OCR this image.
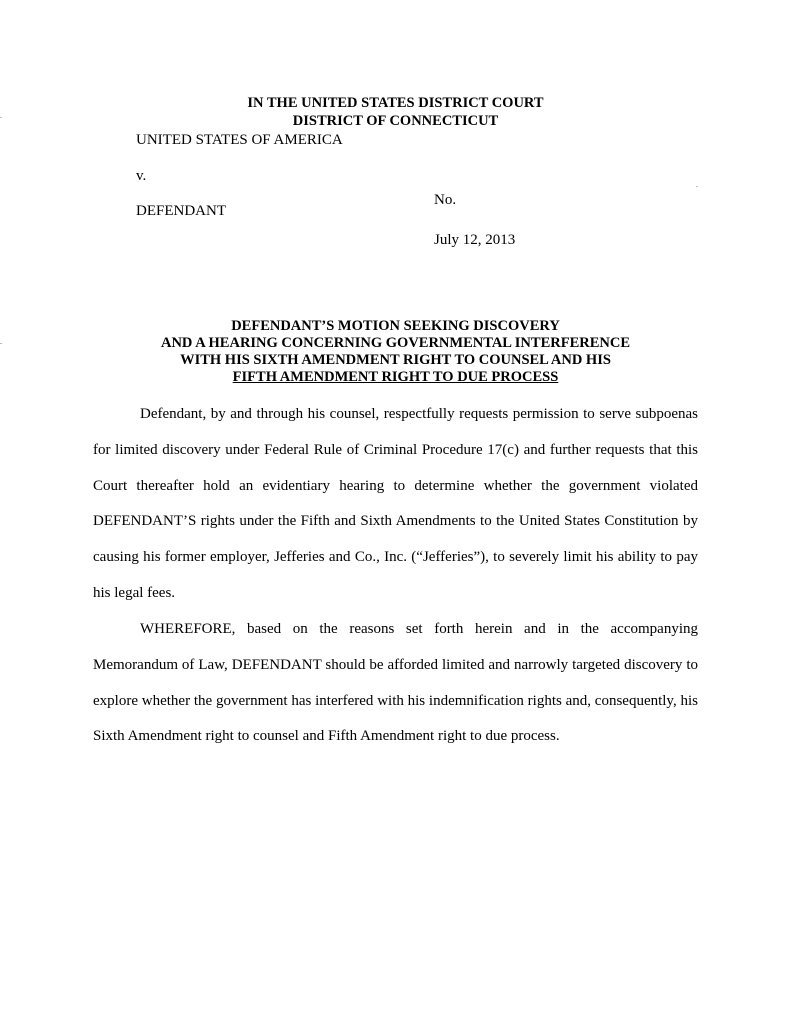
IN THE UNITED STATES DISTRICT COURT
DISTRICT OF CONNECTICUT
UNITED STATES OF AMERICA
v.
No.
DEFENDANT
July 12, 2013
DEFENDANT’S MOTION SEEKING DISCOVERY
AND A HEARING CONCERNING GOVERNMENTAL INTERFERENCE
WITH HIS SIXTH AMENDMENT RIGHT TO COUNSEL AND HIS
FIFTH AMENDMENT RIGHT TO DUE PROCESS

Defendant, by and through his counsel, respectfully requests permission to serve subpoenas for limited discovery under Federal Rule of Criminal Procedure 17(c) and further requests that this Court thereafter hold an evidentiary hearing to determine whether the government violated DEFENDANT’S rights under the Fifth and Sixth Amendments to the United States Constitution by causing his former employer, Jefferies and Co., Inc. (“Jefferies”), to severely limit his ability to pay his legal fees.

WHEREFORE, based on the reasons set forth herein and in the accompanying Memorandum of Law, DEFENDANT should be afforded limited and narrowly targeted discovery to explore whether the government has interfered with his indemnification rights and, consequently, his Sixth Amendment right to counsel and Fifth Amendment right to due process.
